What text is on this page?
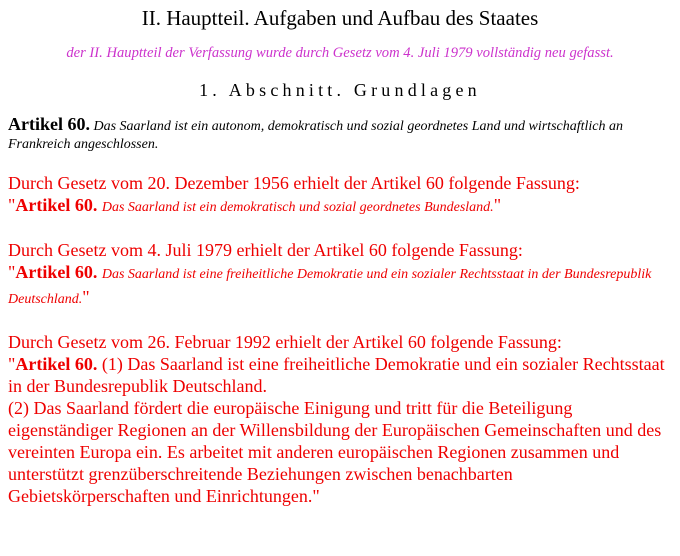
II. Hauptteil. Aufgaben und Aufbau des Staates

der II. Hauptteil der Verfassung wurde durch Gesetz vom 4. Juli 1979 vollständig neu gefasst.

1. Abschnitt. Grundlagen

Artikel 60. Das Saarland ist ein autonom, demokratisch und sozial geordnetes Land und wirtschaftlich an Frankreich angeschlossen.

Durch Gesetz vom 20. Dezember 1956 erhielt der Artikel 60 folgende Fassung:
"Artikel 60. Das Saarland ist ein demokratisch und sozial geordnetes Bundesland."

Durch Gesetz vom 4. Juli 1979 erhielt der Artikel 60 folgende Fassung:
"Artikel 60. Das Saarland ist eine freiheitliche Demokratie und ein sozialer Rechtsstaat in der Bundesrepublik Deutschland."

Durch Gesetz vom 26. Februar 1992 erhielt der Artikel 60 folgende Fassung:
"Artikel 60. (1) Das Saarland ist eine freiheitliche Demokratie und ein sozialer Rechtsstaat in der Bundesrepublik Deutschland.
(2) Das Saarland fördert die europäische Einigung und tritt für die Beteiligung eigenständiger Regionen an der Willensbildung der Europäischen Gemeinschaften und des vereinten Europa ein. Es arbeitet mit anderen europäischen Regionen zusammen und unterstützt grenzüberschreitende Beziehungen zwischen benachbarten Gebietskörperschaften und Einrichtungen."
